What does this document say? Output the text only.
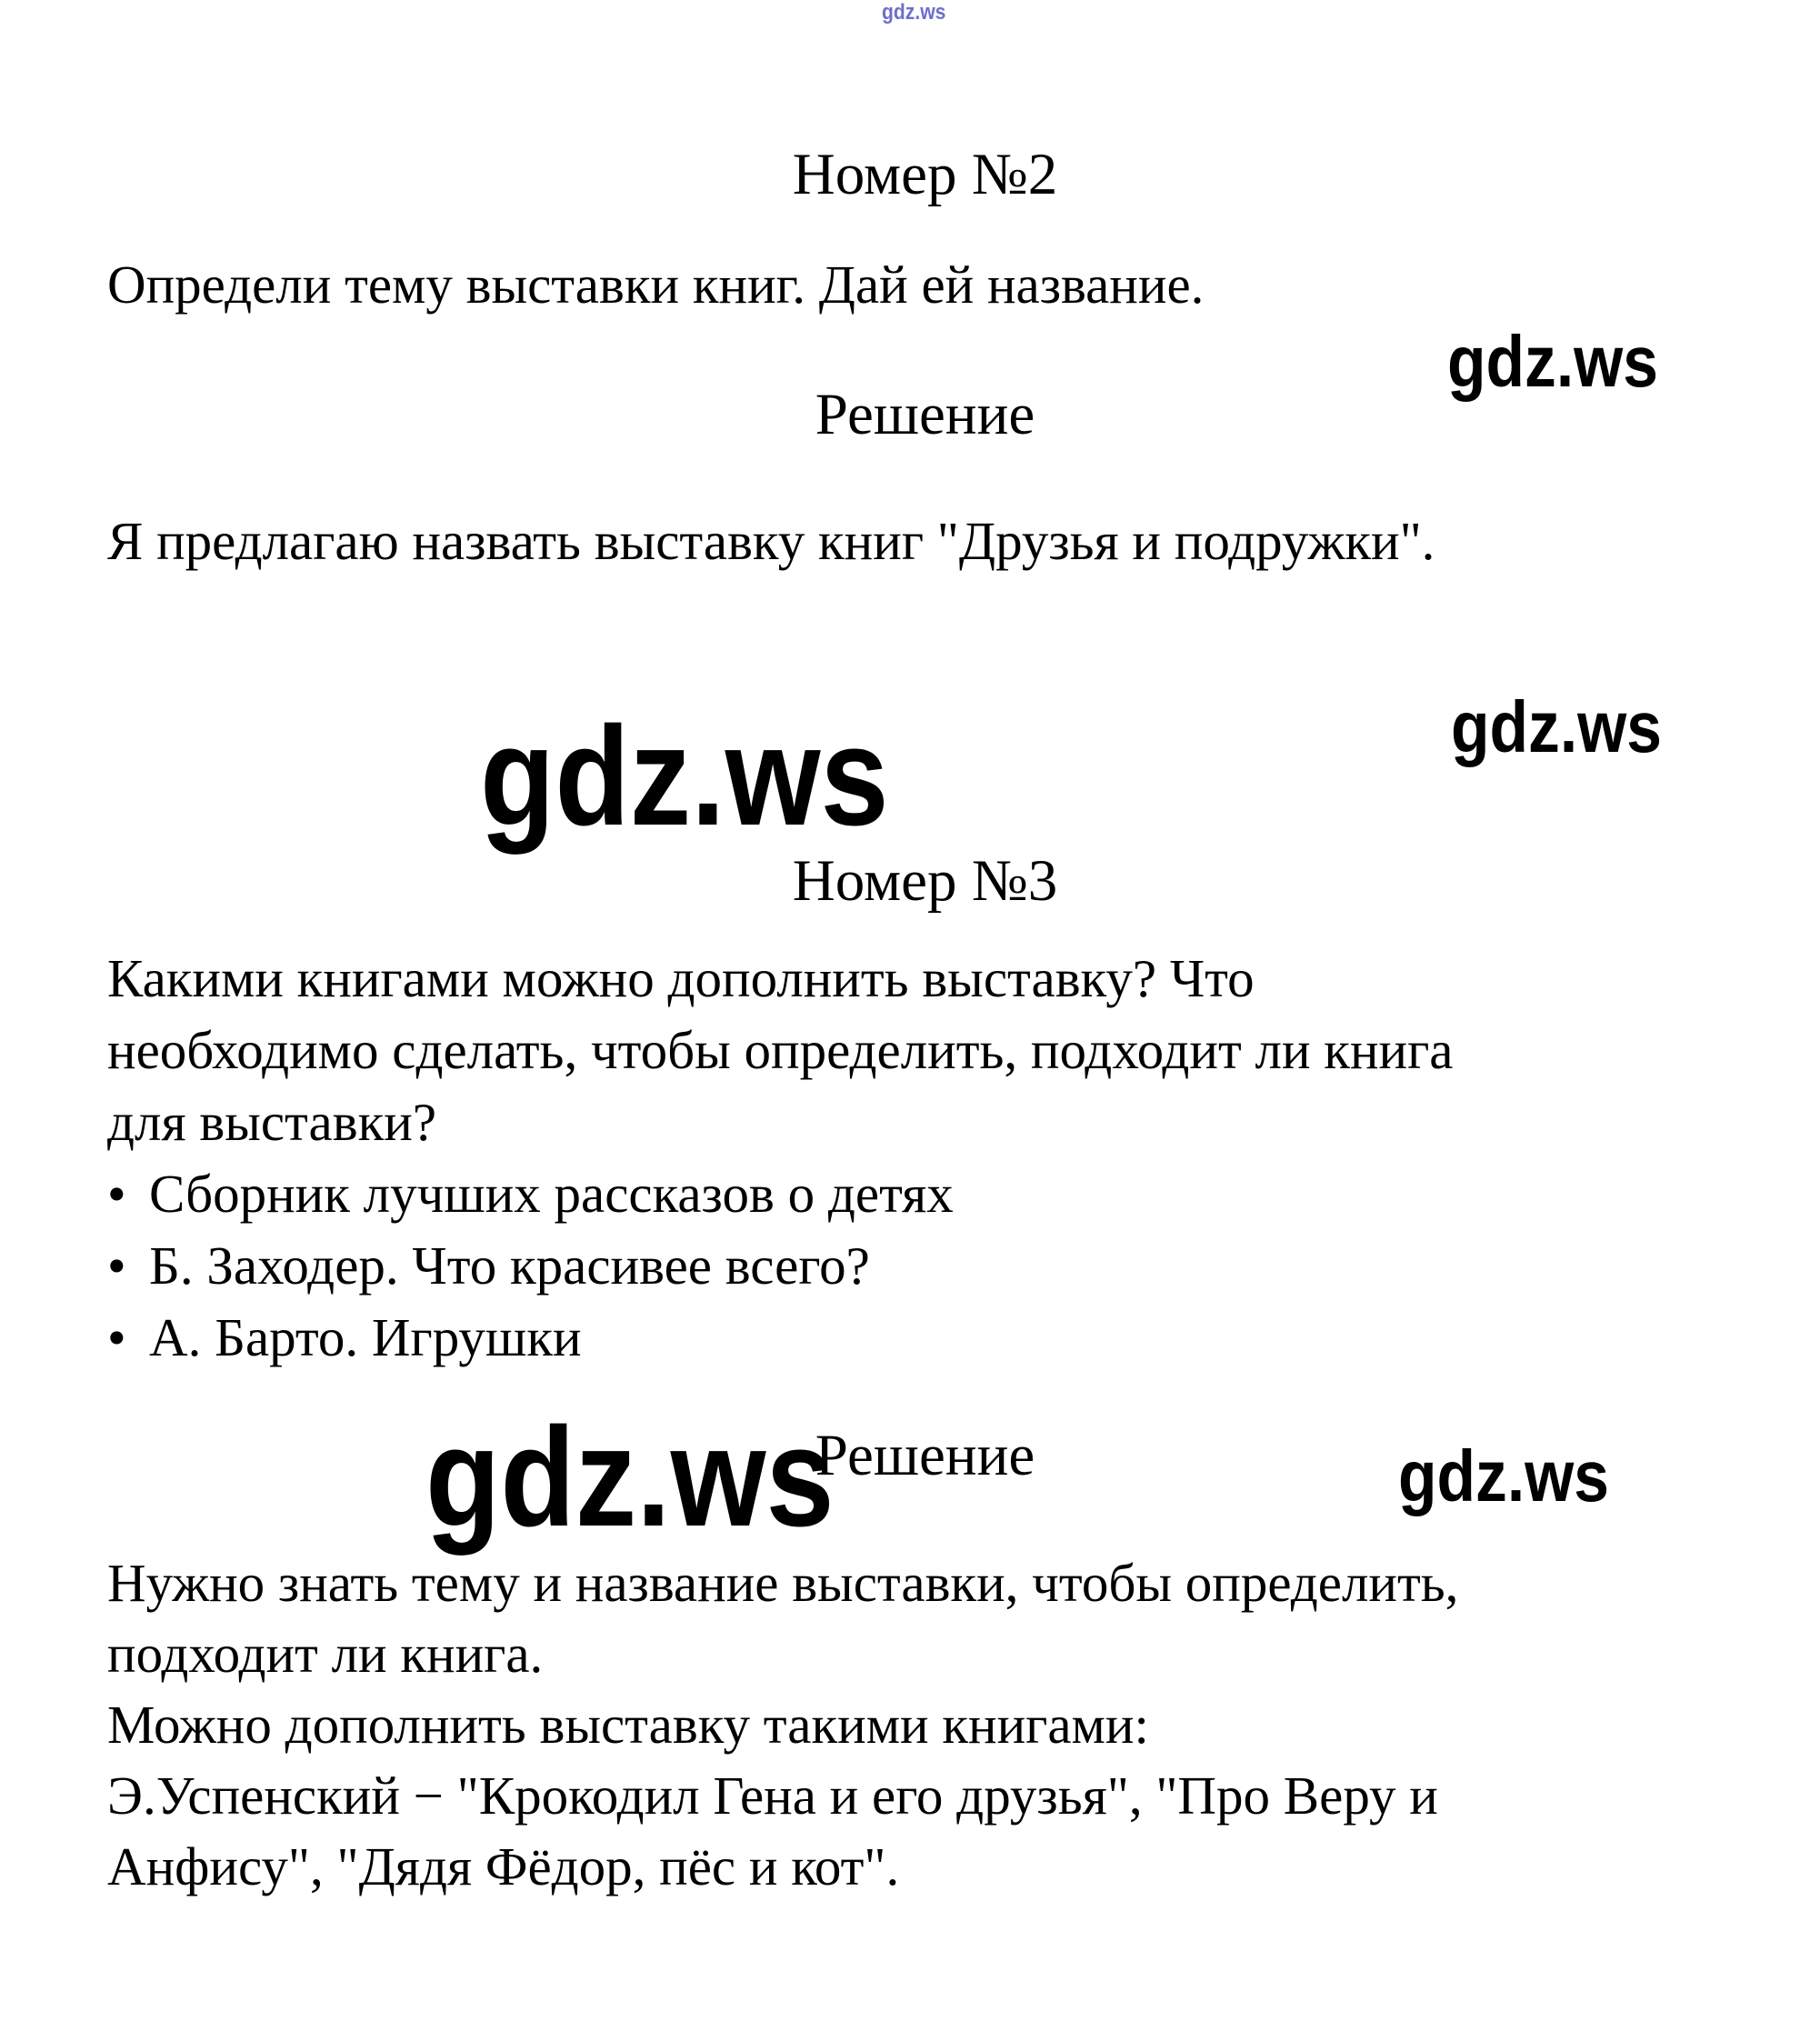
gdz.ws
Номер №2
Определи тему выставки книг. Дай ей название.
gdz.ws
Решение
Я предлагаю назвать выставку книг "Друзья и подружки".
gdz.ws	gdz.ws
Номер №3
Какими книгами можно дополнить выставку? Что
необходимо сделать, чтобы определить, подходит ли книга
для выставки?
• Сборник лучших рассказов о детях
• Б. Заходер. Что красивее всего?
• А. Барто. Игрушки
gdz.ws
Решение	gdz.ws
Нужно знать тему и название выставки, чтобы определить,
подходит ли книга.
Можно дополнить выставку такими книгами:
Э.Успенский − "Крокодил Гена и его друзья", "Про Веру и
Анфису", "Дядя Фёдор, пёс и кот".
